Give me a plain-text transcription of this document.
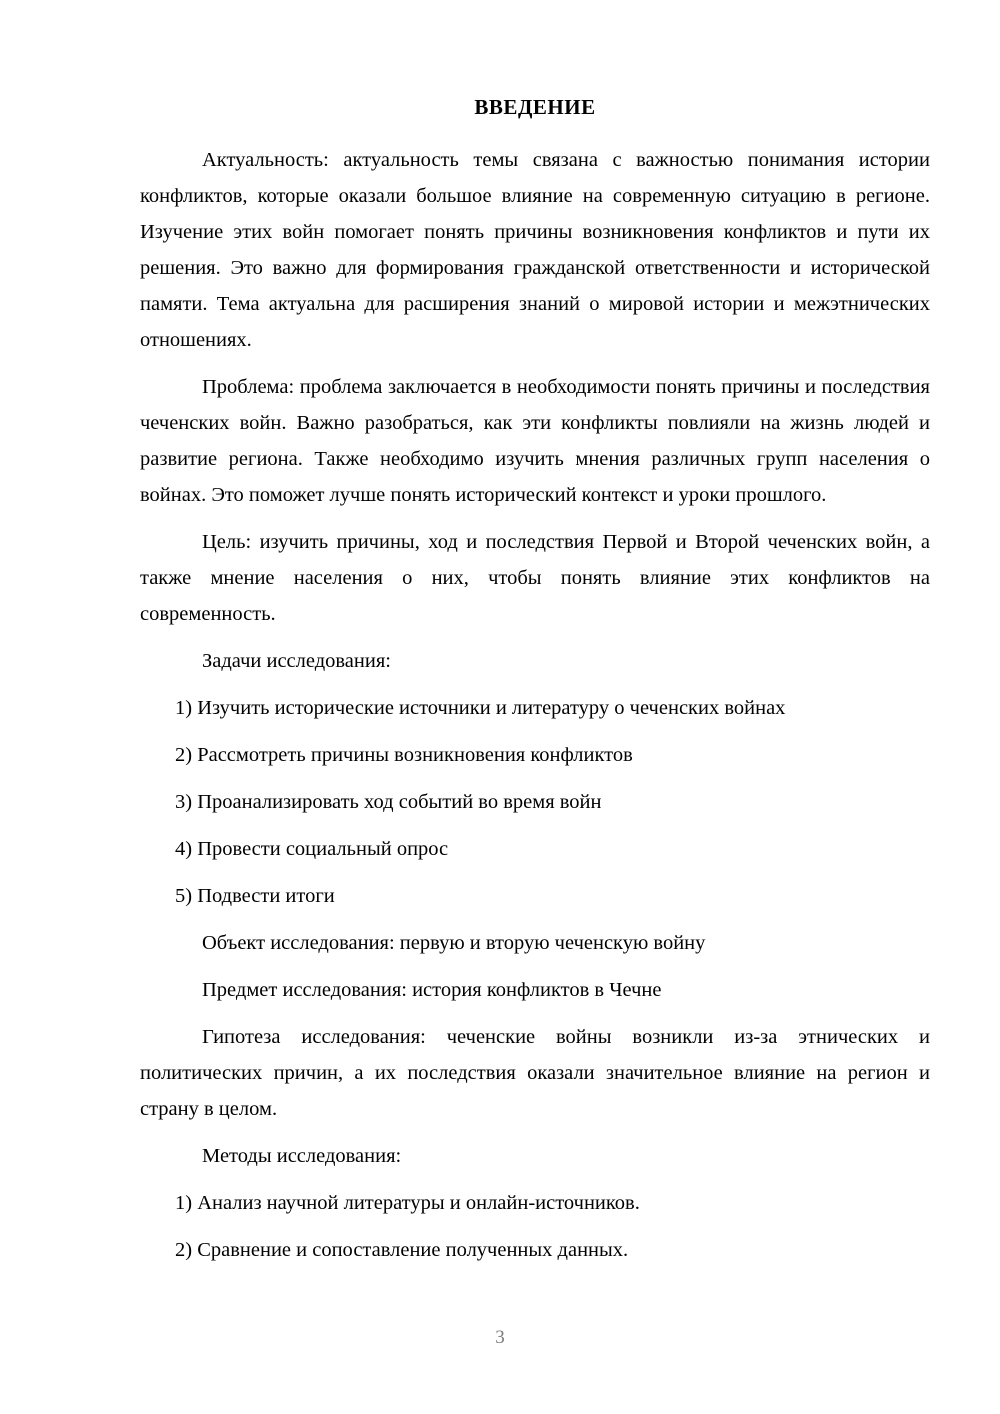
ВВЕДЕНИЕ

Актуальность: актуальность темы связана с важностью понимания истории конфликтов, которые оказали большое влияние на современную ситуацию в регионе. Изучение этих войн помогает понять причины возникновения конфликтов и пути их решения. Это важно для формирования гражданской ответственности и исторической памяти. Тема актуальна для расширения знаний о мировой истории и межэтнических отношениях.

Проблема: проблема заключается в необходимости понять причины и последствия чеченских войн. Важно разобраться, как эти конфликты повлияли на жизнь людей и развитие региона. Также необходимо изучить мнения различных групп населения о войнах. Это поможет лучше понять исторический контекст и уроки прошлого.

Цель: изучить причины, ход и последствия Первой и Второй чеченских войн, а также мнение населения о них, чтобы понять влияние этих конфликтов на современность.

Задачи исследования:

1) Изучить исторические источники и литературу о чеченских войнах
2) Рассмотреть причины возникновения конфликтов
3) Проанализировать ход событий во время войн
4) Провести социальный опрос
5) Подвести итоги

Объект исследования: первую и вторую чеченскую войну

Предмет исследования: история конфликтов в Чечне

Гипотеза исследования: чеченские войны возникли из-за этнических и политических причин, а их последствия оказали значительное влияние на регион и страну в целом.

Методы исследования:

1) Анализ научной литературы и онлайн-источников.
2) Сравнение и сопоставление полученных данных.
3
